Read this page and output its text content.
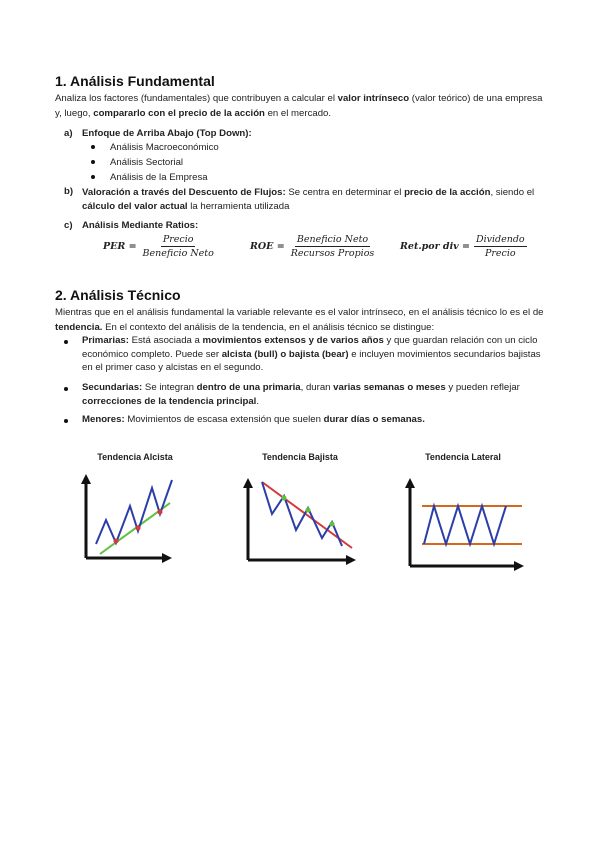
1. Análisis Fundamental

Analiza los factores (fundamentales) que contribuyen a calcular el valor intrínseco (valor teórico) de una empresa y, luego, compararlo con el precio de la acción en el mercado.

a) Enfoque de Arriba Abajo (Top Down):
Análisis Macroeconómico
Análisis Sectorial
Análisis de la Empresa
b) Valoración a través del Descuento de Flujos: Se centra en determinar el precio de la acción, siendo el cálculo del valor actual la herramienta utilizada

c) Análisis Mediante Ratios:
PER = $\frac{\text{Precio}}{\text{Beneficio Neto}}$	ROE = $\frac{\text{Beneficio Neto}}{\text{Recursos Propios}} Ret.por$ div = $\frac{\text{Dividendo}}{\text{Precio}}$

2. Análisis Técnico

Mientras que en el análisis fundamental la variable relevante es el valor intrínseco, en el análisis técnico lo es el de tendencia. En el contexto del análisis de la tendencia, en el análisis técnico se distingue:

Primarias: Está asociada a movimientos extensos y de varios años y que guardan relación con un ciclo económico completo. Puede ser alcista (bull) o bajista (bear) e incluyen movimientos secundarios bajistas en el primer caso y alcistas en el segundo.

Secundarias: Se integran dentro de una primaria, duran varias semanas o meses y pueden reflejar correcciones de la tendencia principal.

Menores: Movimientos de escasa extensión que suelen durar días o semanas.

Tendencia Alcista	Tendencia Bajista	Tendencia Lateral
